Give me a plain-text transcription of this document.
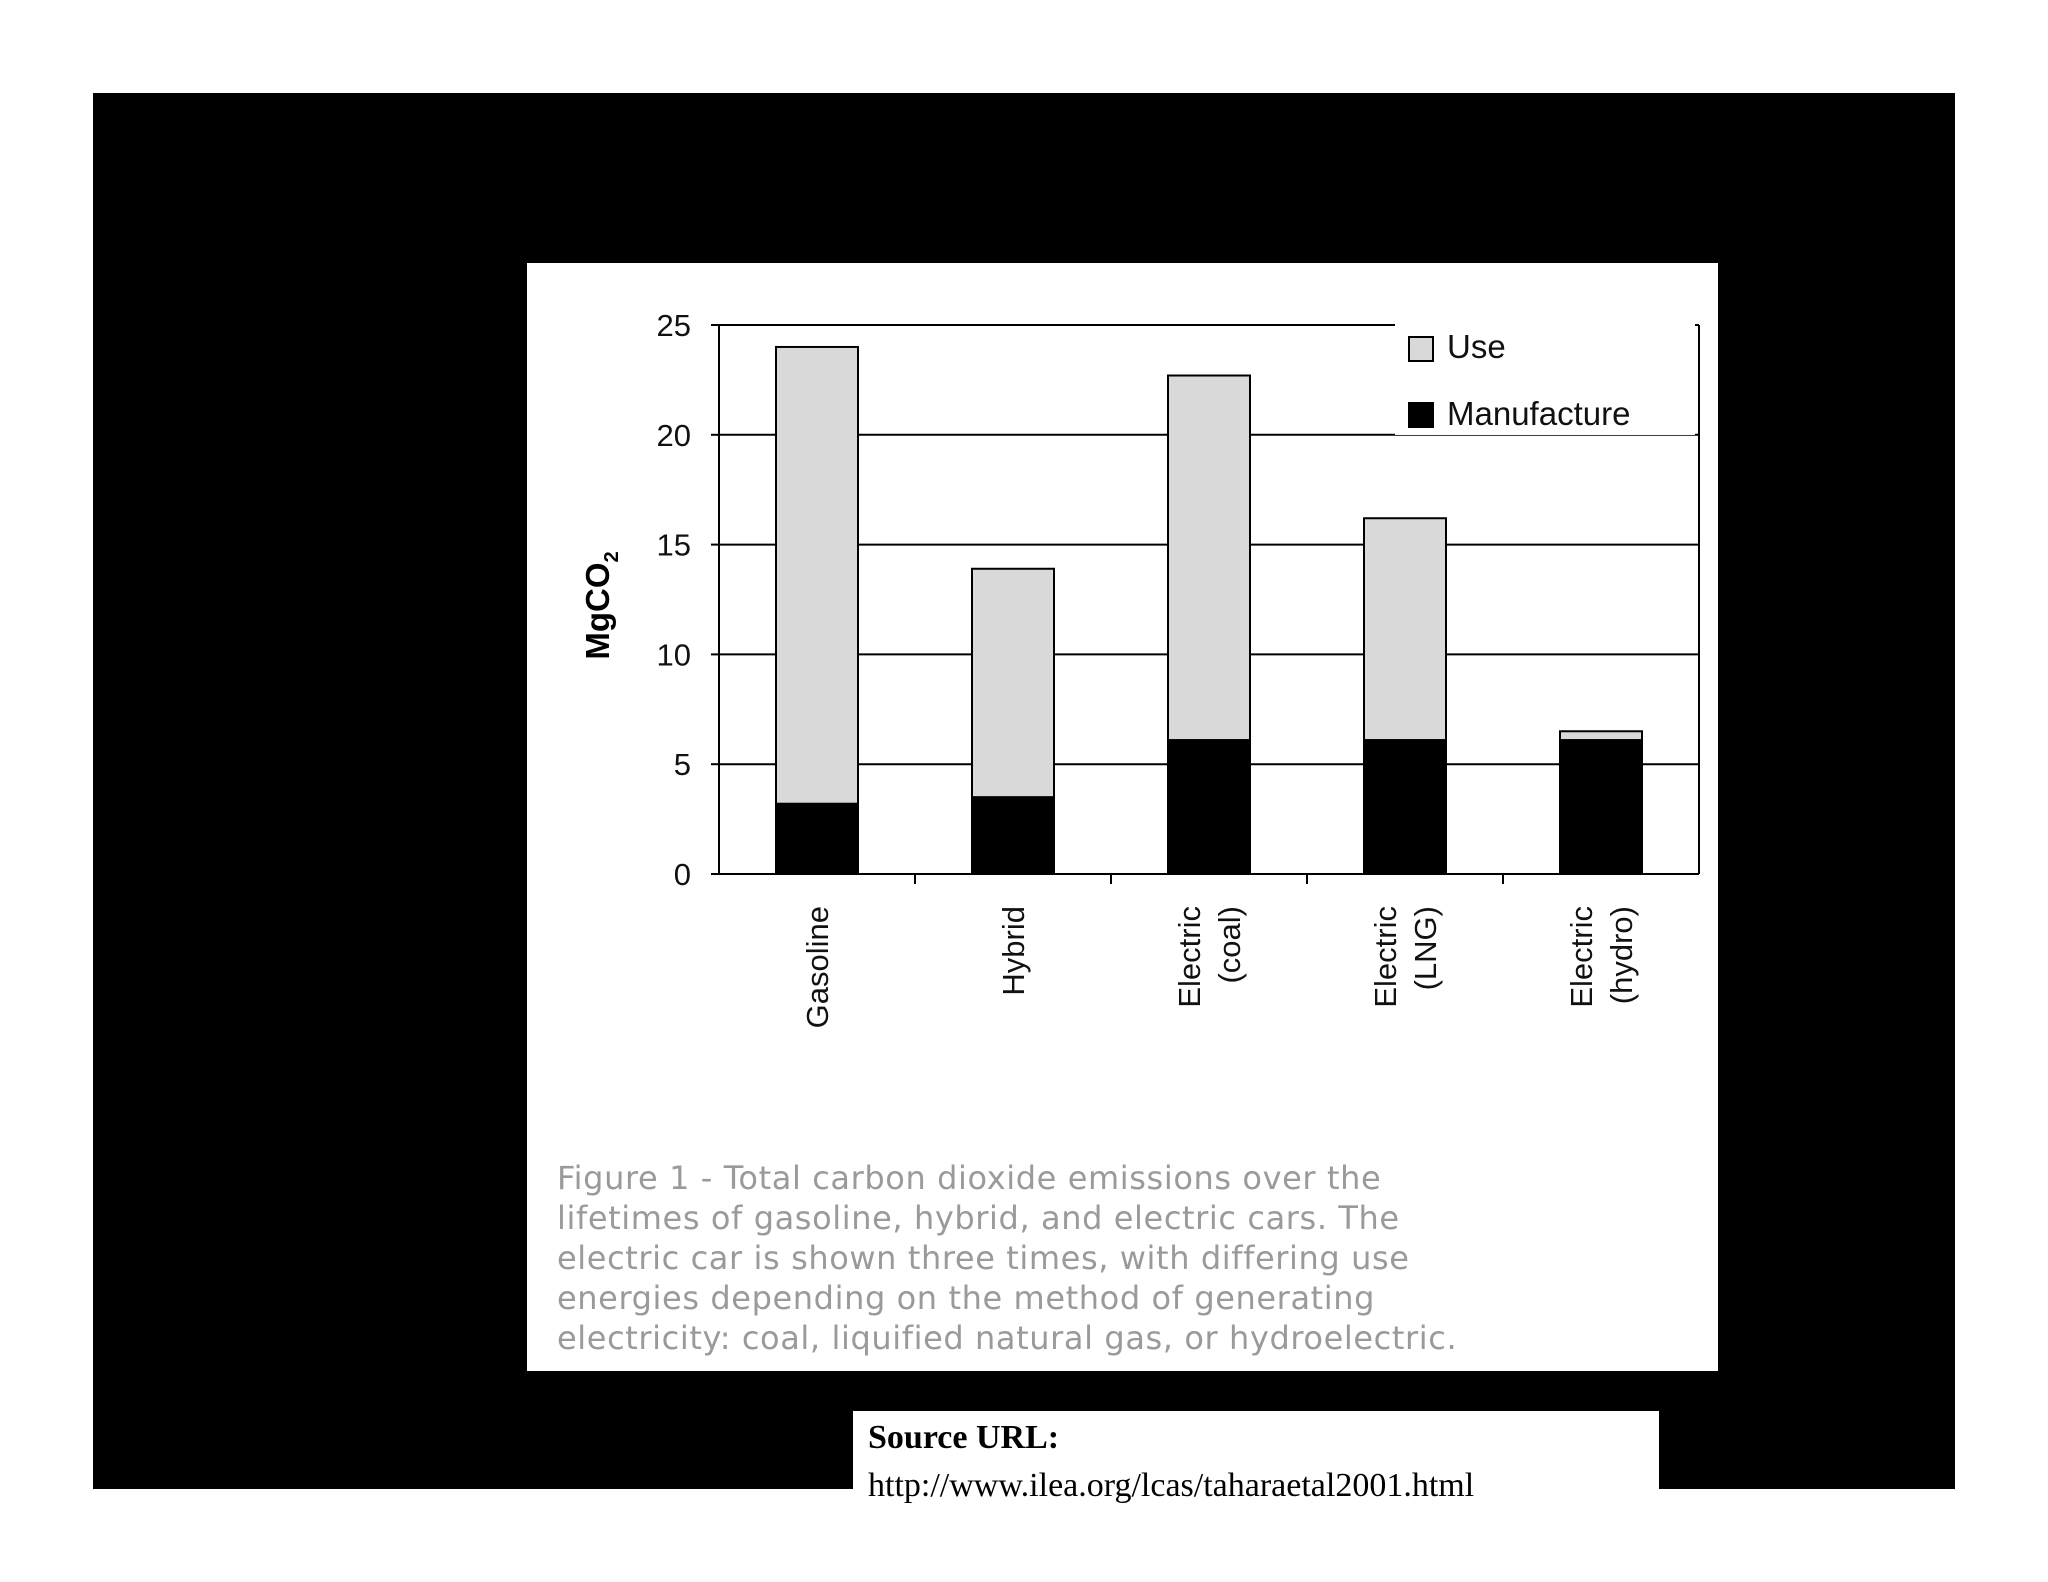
0
5
10
15
20
25
MgCO$_2$
Gasoline	Hybrid	Electric (coal)	Electric (LNG)	Electric (hydro)
Use
Manufacture

Figure 1 - Total carbon dioxide emissions over the
lifetimes of gasoline, hybrid, and electric cars. The
electric car is shown three times, with differing use
energies depending on the method of generating
electricity: coal, liquified natural gas, or hydroelectric.

Source URL:
http://www.ilea.org/lcas/taharaetal2001.html
